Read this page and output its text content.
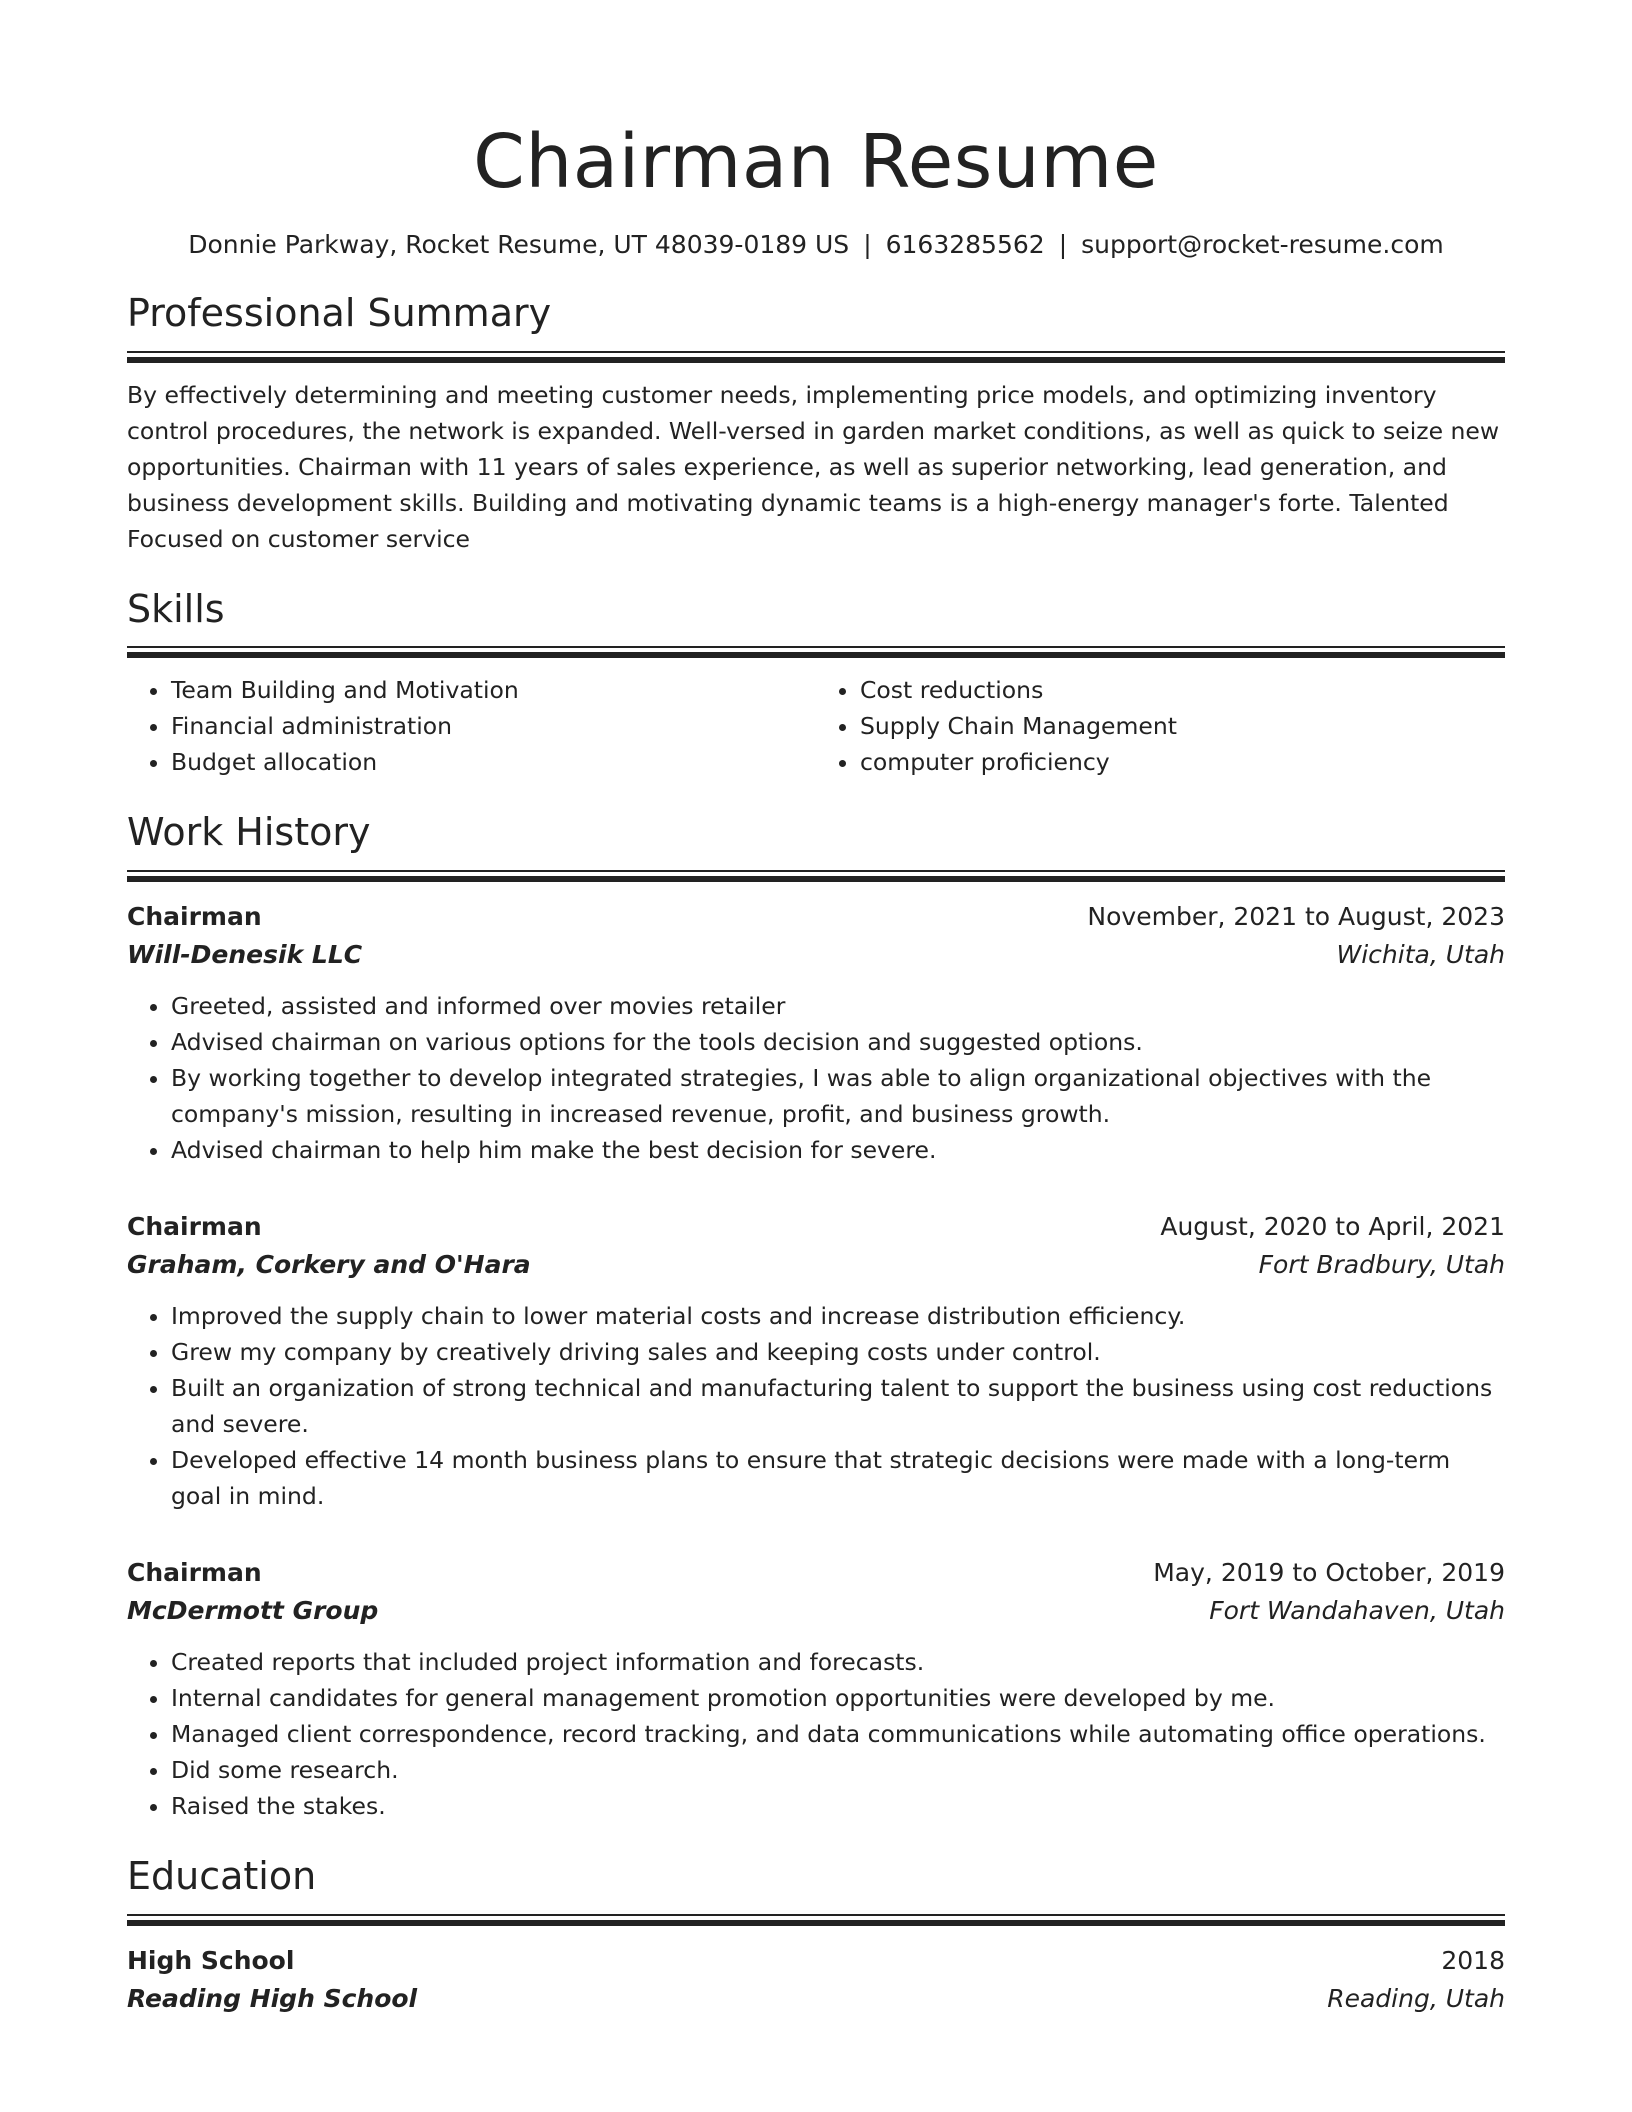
Chairman Resume
Donnie Parkway, Rocket Resume, UT 48039-0189 US | 6163285562 | support@rocket-resume.com
Professional Summary

By effectively determining and meeting customer needs, implementing price models, and optimizing inventory control procedures, the network is expanded. Well-versed in garden market conditions, as well as quick to seize new opportunities. Chairman with 11 years of sales experience, as well as superior networking, lead generation, and business development skills. Building and motivating dynamic teams is a high-energy manager's forte. Talented Focused on customer service

Skills
• Team Building and Motivation
• Financial administration
• Budget allocation
• Cost reductions
• Supply Chain Management
• computer proficiency
Work History
Chairman	November, 2021 to August, 2023
Will-Denesik LLC	Wichita, Utah
• Greeted, assisted and informed over movies retailer
• Advised chairman on various options for the tools decision and suggested options.
• By working together to develop integrated strategies, I was able to align organizational objectives with the company's mission, resulting in increased revenue, profit, and business growth.
• Advised chairman to help him make the best decision for severe.
Chairman	August, 2020 to April, 2021
Graham, Corkery and O'Hara	Fort Bradbury, Utah
• Improved the supply chain to lower material costs and increase distribution efficiency.
• Grew my company by creatively driving sales and keeping costs under control.
• Built an organization of strong technical and manufacturing talent to support the business using cost reductions and severe.
• Developed effective 14 month business plans to ensure that strategic decisions were made with a long-term goal in mind.
Chairman	May, 2019 to October, 2019
McDermott Group	Fort Wandahaven, Utah
• Created reports that included project information and forecasts.
• Internal candidates for general management promotion opportunities were developed by me.
• Managed client correspondence, record tracking, and data communications while automating office operations.
• Did some research.
• Raised the stakes.
Education
High School	2018
Reading High School	Reading, Utah
